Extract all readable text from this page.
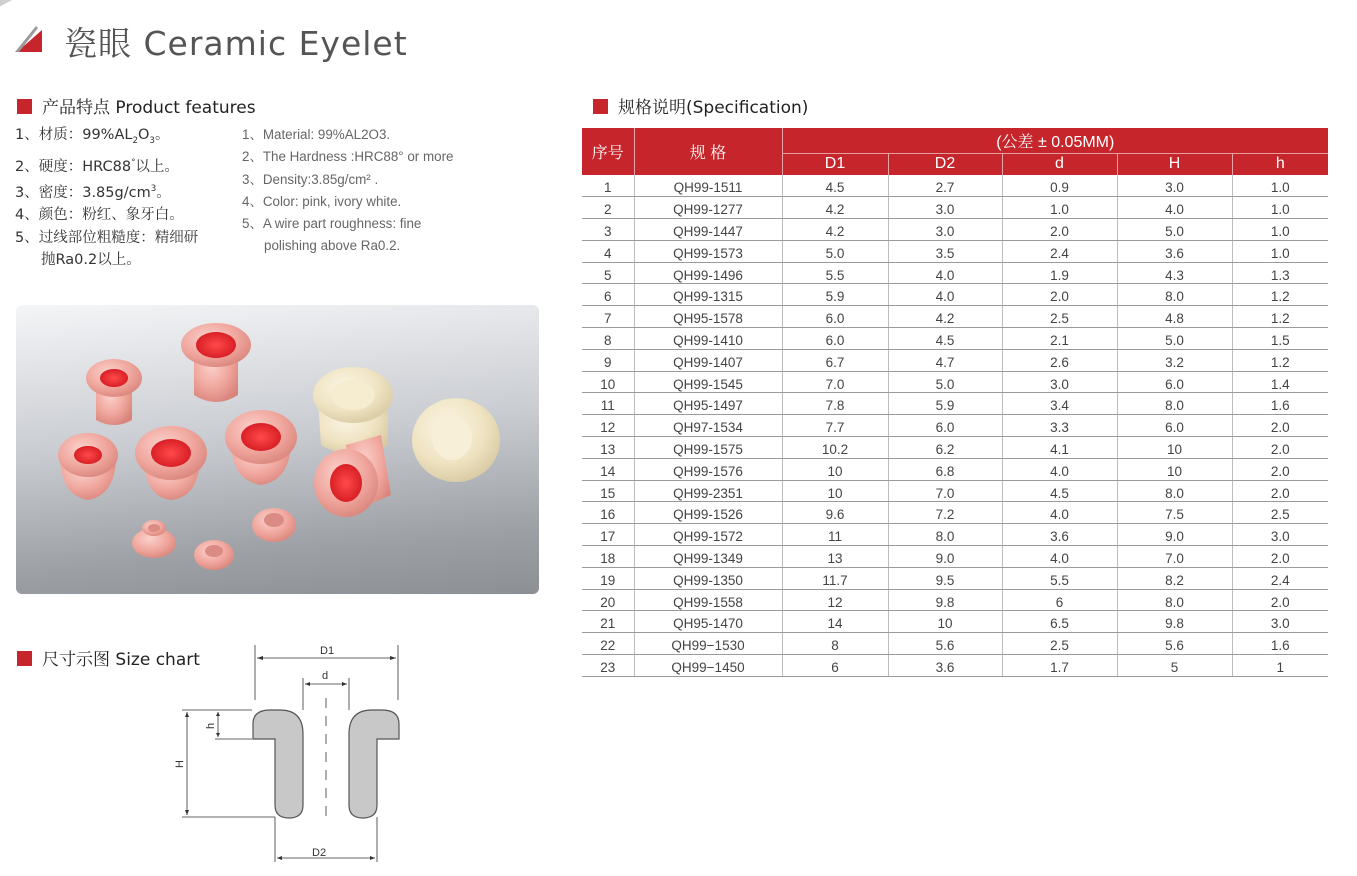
瓷眼 Ceramic Eyelet
产品特点 Product features
1、材质：$99\%AL_2O_3$。
2、硬度：HRC88°以上。
3、密度：$3.85g/cm^3$。
4、颜色：粉红、象牙白。
5、过线部位粗糙度：精细研
抛Ra0.2以上。
1、Material: 99%AL2O3.
2、The Hardness :HRC88° or more
3、Density:3.85g/cm² .
4、Color: pink, ivory white.
5、A wire part roughness: fine
polishing above Ra0.2.
尺寸示图 Size chart	D1
d
D2
H
h
规格说明(Specification)
序号	规 格	(公差 ± 0.05MM)				
		D1	D2	d	H	h
1	QH99-1511	4.5	2.7	0.9	3.0	1.0
2	QH99-1277	4.2	3.0	1.0	4.0	1.0
3	QH99-1447	4.2	3.0	2.0	5.0	1.0
4	QH99-1573	5.0	3.5	2.4	3.6	1.0
5	QH99-1496	5.5	4.0	1.9	4.3	1.3
6	QH99-1315	5.9	4.0	2.0	8.0	1.2
7	QH95-1578	6.0	4.2	2.5	4.8	1.2
8	QH99-1410	6.0	4.5	2.1	5.0	1.5
9	QH99-1407	6.7	4.7	2.6	3.2	1.2
10	QH99-1545	7.0	5.0	3.0	6.0	1.4
11	QH95-1497	7.8	5.9	3.4	8.0	1.6
12	QH97-1534	7.7	6.0	3.3	6.0	2.0
13	QH99-1575	10.2	6.2	4.1	10	2.0
14	QH99-1576	10	6.8	4.0	10	2.0
15	QH99-2351	10	7.0	4.5	8.0	2.0
16	QH99-1526	9.6	7.2	4.0	7.5	2.5
17	QH99-1572	11	8.0	3.6	9.0	3.0
18	QH99-1349	13	9.0	4.0	7.0	2.0
19	QH99-1350	11.7	9.5	5.5	8.2	2.4
20	QH99-1558	12	9.8	6	8.0	2.0
21	QH95-1470	14	10	6.5	9.8	3.0
22	QH99−1530	8	5.6	2.5	5.6	1.6
23	QH99−1450	6	3.6	1.7	5	1
